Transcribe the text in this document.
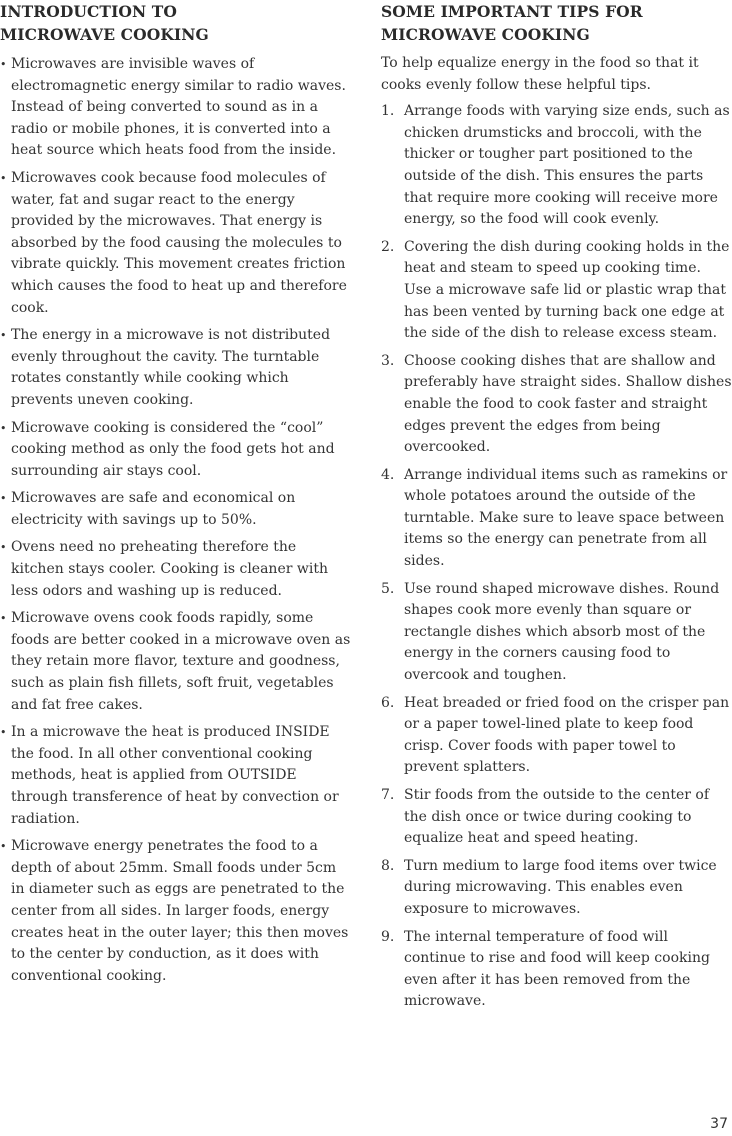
INTRODUCTION TO
MICROWAVE COOKING
• Microwaves are invisible waves of electromagnetic energy similar to radio waves. Instead of being converted to sound as in a radio or mobile phones, it is converted into a heat source which heats food from the inside.
• Microwaves cook because food molecules of water, fat and sugar react to the energy provided by the microwaves. That energy is absorbed by the food causing the molecules to vibrate quickly. This movement creates friction which causes the food to heat up and therefore cook.
• The energy in a microwave is not distributed evenly throughout the cavity. The turntable rotates constantly while cooking which prevents uneven cooking.
• Microwave cooking is considered the “cool” cooking method as only the food gets hot and surrounding air stays cool.
• Microwaves are safe and economical on electricity with savings up to 50%.
• Ovens need no preheating therefore the kitchen stays cooler. Cooking is cleaner with less odors and washing up is reduced.
• Microwave ovens cook foods rapidly, some foods are better cooked in a microwave oven as they retain more flavor, texture and goodness, such as plain fish fillets, soft fruit, vegetables and fat free cakes.
• In a microwave the heat is produced INSIDE the food. In all other conventional cooking methods, heat is applied from OUTSIDE through transference of heat by convection or radiation.
• Microwave energy penetrates the food to a depth of about 25mm. Small foods under 5cm in diameter such as eggs are penetrated to the center from all sides. In larger foods, energy creates heat in the outer layer; this then moves to the center by conduction, as it does with conventional cooking.
SOME IMPORTANT TIPS FOR
MICROWAVE COOKING

To help equalize energy in the food so that it cooks evenly follow these helpful tips.

1. Arrange foods with varying size ends, such as chicken drumsticks and broccoli, with the thicker or tougher part positioned to the outside of the dish. This ensures the parts that require more cooking will receive more energy, so the food will cook evenly.
2. Covering the dish during cooking holds in the heat and steam to speed up cooking time. Use a microwave safe lid or plastic wrap that has been vented by turning back one edge at the side of the dish to release excess steam.
3. Choose cooking dishes that are shallow and preferably have straight sides. Shallow dishes enable the food to cook faster and straight edges prevent the edges from being overcooked.
4. Arrange individual items such as ramekins or whole potatoes around the outside of the turntable. Make sure to leave space between items so the energy can penetrate from all sides.
5. Use round shaped microwave dishes. Round shapes cook more evenly than square or rectangle dishes which absorb most of the energy in the corners causing food to overcook and toughen.
6. Heat breaded or fried food on the crisper pan or a paper towel-lined plate to keep food crisp. Cover foods with paper towel to prevent splatters.
7. Stir foods from the outside to the center of the dish once or twice during cooking to equalize heat and speed heating.
8. Turn medium to large food items over twice during microwaving. This enables even exposure to microwaves.
9. The internal temperature of food will continue to rise and food will keep cooking even after it has been removed from the microwave.
37
